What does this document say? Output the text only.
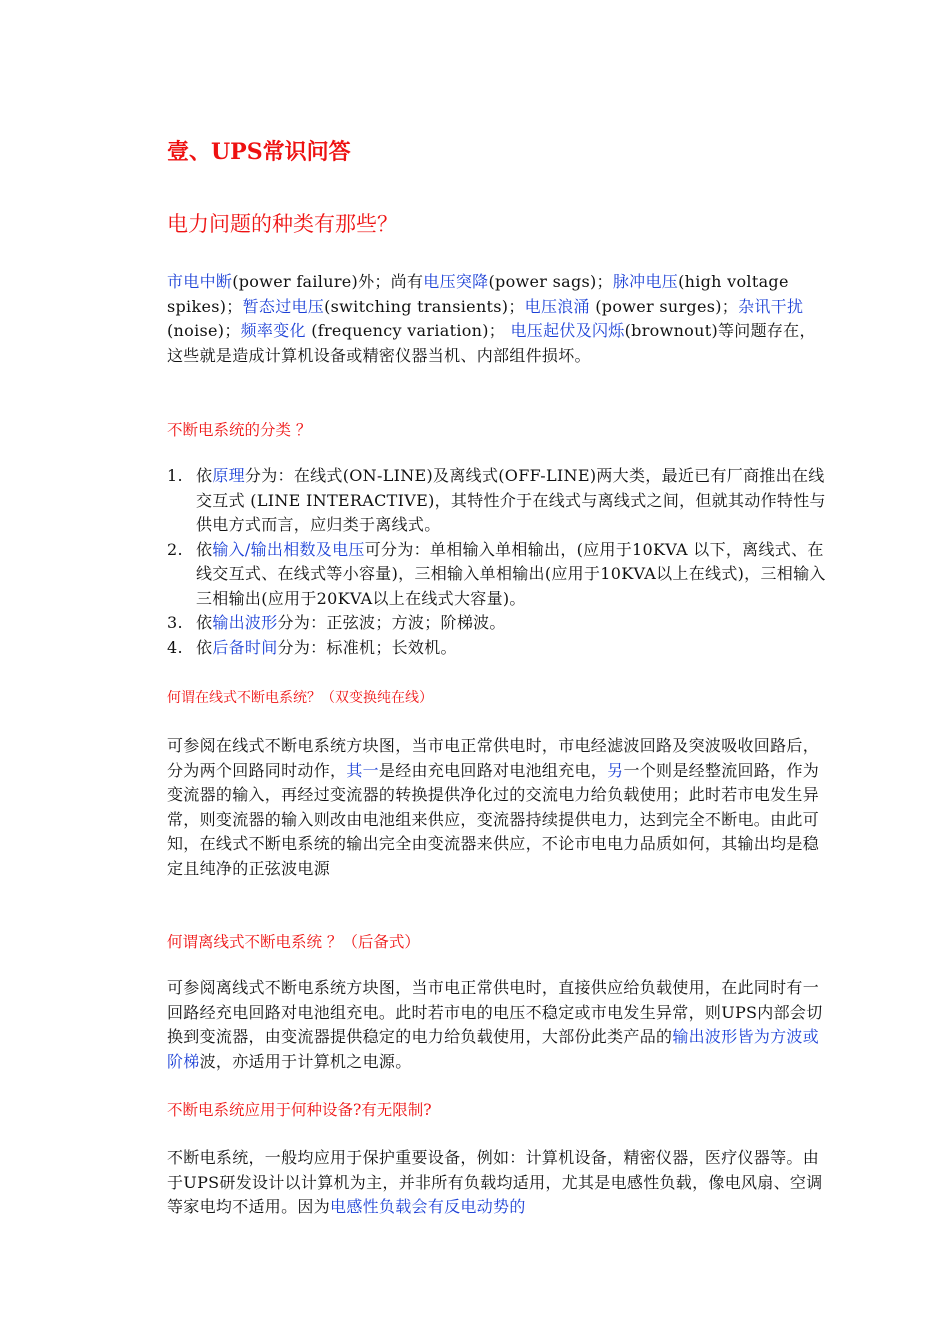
壹、UPS常识问答
电力问题的种类有那些？
市电中断(power failure)外；尚有电压突降(power sags)；脉冲电压(high voltage spikes)；暂态过电压(switching transients)；电压浪涌 (power surges)；杂讯干扰(noise)；频率变化 (frequency variation)； 电压起伏及闪烁(brownout)等问题存在，这些就是造成计算机设备或精密仪器当机、内部组件损坏。
不断电系统的分类 ？
1. 依原理分为：在线式(ON-LINE)及离线式(OFF-LINE)两大类，最近已有厂商推出在线交互式 (LINE INTERACTIVE)，其特性介于在线式与离线式之间，但就其动作特性与供电方式而言，应归类于离线式。
2. 依输入/输出相数及电压可分为：单相输入单相输出，(应用于10KVA 以下，离线式、在线交互式、在线式等小容量)，三相输入单相输出(应用于10KVA以上在线式)，三相输入三相输出(应用于20KVA以上在线式大容量)。
3. 依输出波形分为：正弦波；方波；阶梯波。
4. 依后备时间分为：标准机；长效机。
何谓在线式不断电系统？（双变换纯在线）
可参阅在线式不断电系统方块图，当市电正常供电时，市电经滤波回路及突波吸收回路后，分为两个回路同时动作，其一是经由充电回路对电池组充电，另一个则是经整流回路，作为变流器的输入，再经过变流器的转换提供净化过的交流电力给负载使用；此时若市电发生异常，则变流器的输入则改由电池组来供应，变流器持续提供电力，达到完全不断电。由此可知，在线式不断电系统的输出完全由变流器来供应，不论市电电力品质如何，其输出均是稳定且纯净的正弦波电源
何谓离线式不断电系统 ？（后备式）
可参阅离线式不断电系统方块图，当市电正常供电时，直接供应给负载使用，在此同时有一回路经充电回路对电池组充电。此时若市电的电压不稳定或市电发生异常，则UPS内部会切换到变流器，由变流器提供稳定的电力给负载使用，大部份此类产品的输出波形皆为方波或阶梯波，亦适用于计算机之电源。
不断电系统应用于何种设备?有无限制?
不断电系统，一般均应用于保护重要设备，例如：计算机设备，精密仪器，医疗仪器等。由于UPS研发设计以计算机为主，并非所有负载均适用，尤其是电感性负载，像电风扇、空调等家电均不适用。因为电感性负载会有反电动势的
